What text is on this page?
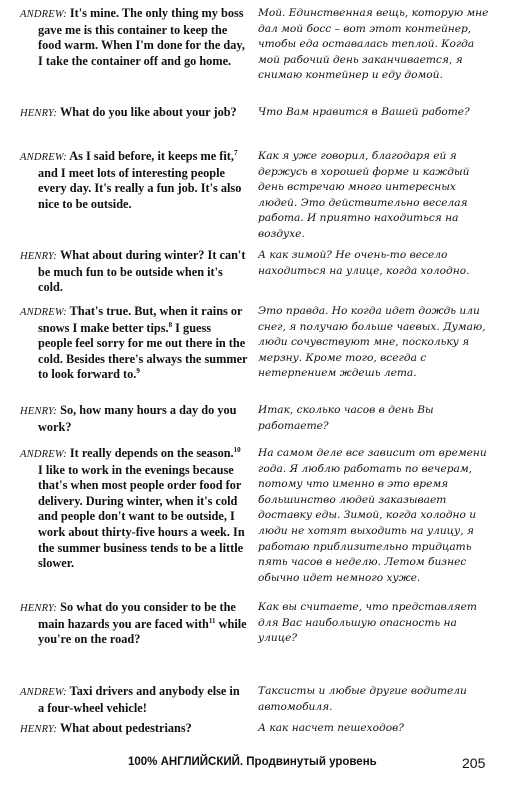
ANDREW: It's mine. The only thing my boss gave me is this container to keep the food warm. When I'm done for the day, I take the container off and go home.
Мой. Единственная вещь, которую мне дал мой босс – вот этот контейнер, чтобы еда оставалась теплой. Когда мой рабочий день заканчивается, я снимаю контейнер и еду домой.
HENRY: What do you like about your job?	Что Вам нравится в Вашей работе?
ANDREW: As I said before, it keeps me fit,$^7$ and I meet lots of interesting people every day. It's really a fun job. It's also nice to be outside.
Как я уже говорил, благодаря ей я держусь в хорошей форме и каждый день встречаю много интересных людей. Это действительно веселая работа. И приятно находиться на воздухе.
HENRY: What about during winter? It can't be much fun to be outside when it's cold.
А как зимой? Не очень-то весело находиться на улице, когда холодно.
ANDREW: That's true. But, when it rains or snows I make better tips.$^8$ I guess people feel sorry for me out there in the cold. Besides there's always the summer to look forward to.$^9$
Это правда. Но когда идет дождь или снег, я получаю больше чаевых. Думаю, люди сочувствуют мне, поскольку я мерзну. Кроме того, всегда с нетерпением ждешь лета.
HENRY: So, how many hours a day do you work?
Итак, сколько часов в день Вы работаете?
ANDREW: It really depends on the season.$^{10}$ I like to work in the evenings because that's when most people order food for delivery. During winter, when it's cold and people don't want to be outside, I work about thirty-five hours a week. In the summer business tends to be a little slower.
На самом деле все зависит от времени года. Я люблю работать по вечерам, потому что именно в это время большинство людей заказывает доставку еды. Зимой, когда холодно и люди не хотят выходить на улицу, я работаю приблизительно тридцать пять часов в неделю. Летом бизнес обычно идет немного хуже.
HENRY: So what do you consider to be the main hazards you are faced with$^{11}$ while you're on the road?
Как вы считаете, что представляет для Вас наибольшую опасность на улице?
ANDREW: Taxi drivers and anybody else in a four-wheel vehicle!
Таксисты и любые другие водители автомобиля.
HENRY: What about pedestrians?	А как насчет пешеходов?
100% АНГЛИЙСКИЙ. Продвинутый уровень	205
